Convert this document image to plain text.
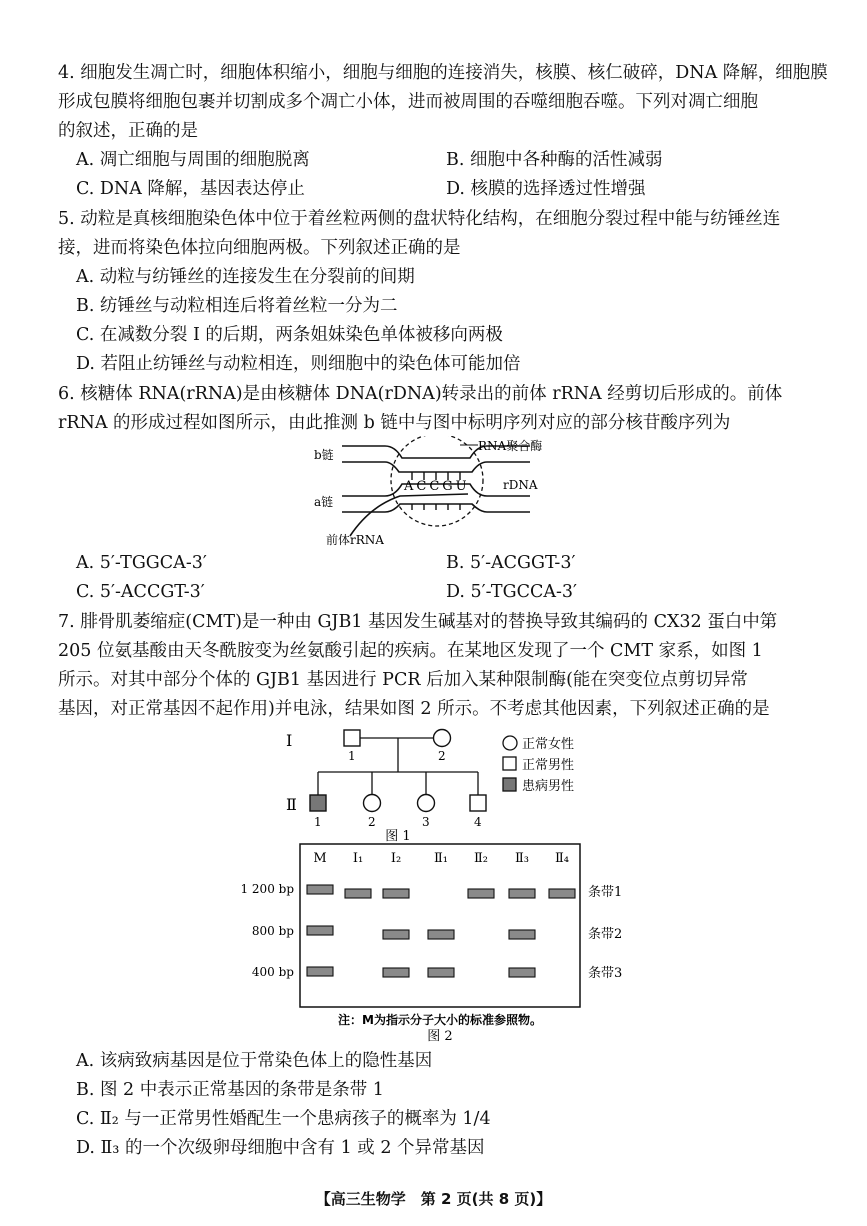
4. 细胞发生凋亡时，细胞体积缩小，细胞与细胞的连接消失，核膜、核仁破碎，DNA 降解，细胞膜
形成包膜将细胞包裹并切割成多个凋亡小体，进而被周围的吞噬细胞吞噬。下列对凋亡细胞
的叙述，正确的是
A. 凋亡细胞与周围的细胞脱离	B. 细胞中各种酶的活性减弱
C. DNA 降解，基因表达停止	D. 核膜的选择透过性增强
5. 动粒是真核细胞染色体中位于着丝粒两侧的盘状特化结构，在细胞分裂过程中能与纺锤丝连
接，进而将染色体拉向细胞两极。下列叙述正确的是
A. 动粒与纺锤丝的连接发生在分裂前的间期
B. 纺锤丝与动粒相连后将着丝粒一分为二
C. 在减数分裂 Ⅰ 的后期，两条姐妹染色单体被移向两极
D. 若阻止纺锤丝与动粒相连，则细胞中的染色体可能加倍
6. 核糖体 RNA(rRNA)是由核糖体 DNA(rDNA)转录出的前体 rRNA 经剪切后形成的。前体
rRNA 的形成过程如图所示，由此推测 b 链中与图中标明序列对应的部分核苷酸序列为
RNA聚合酶
b链
a链
ACCGU	rDNA
前体rRNA
A. 5′-TGGCA-3′	B. 5′-ACGGT-3′
C. 5′-ACCGT-3′	D. 5′-TGCCA-3′
7. 腓骨肌萎缩症(CMT)是一种由 GJB1 基因发生碱基对的替换导致其编码的 CX32 蛋白中第
205 位氨基酸由天冬酰胺变为丝氨酸引起的疾病。在某地区发现了一个 CMT 家系，如图 1
所示。对其中部分个体的 GJB1 基因进行 PCR 后加入某种限制酶(能在突变位点剪切异常
基因，对正常基因不起作用)并电泳，结果如图 2 所示。不考虑其他因素，下列叙述正确的是
Ⅰ
Ⅱ
1	2
1	2	3	4
正常女性
正常男性
患病男性
图 1
M Ⅰ₁ Ⅰ₂	Ⅱ₁ Ⅱ₂ Ⅱ₃ Ⅱ₄
1 200 bp
800 bp
400 bp
条带1
条带2
条带3
注：M为指示分子大小的标准参照物。
图 2
A. 该病致病基因是位于常染色体上的隐性基因
B. 图 2 中表示正常基因的条带是条带 1
C. Ⅱ₂ 与一正常男性婚配生一个患病孩子的概率为 1/4
D. Ⅱ₃ 的一个次级卵母细胞中含有 1 或 2 个异常基因
【高三生物学　第 2 页(共 8 页)】
